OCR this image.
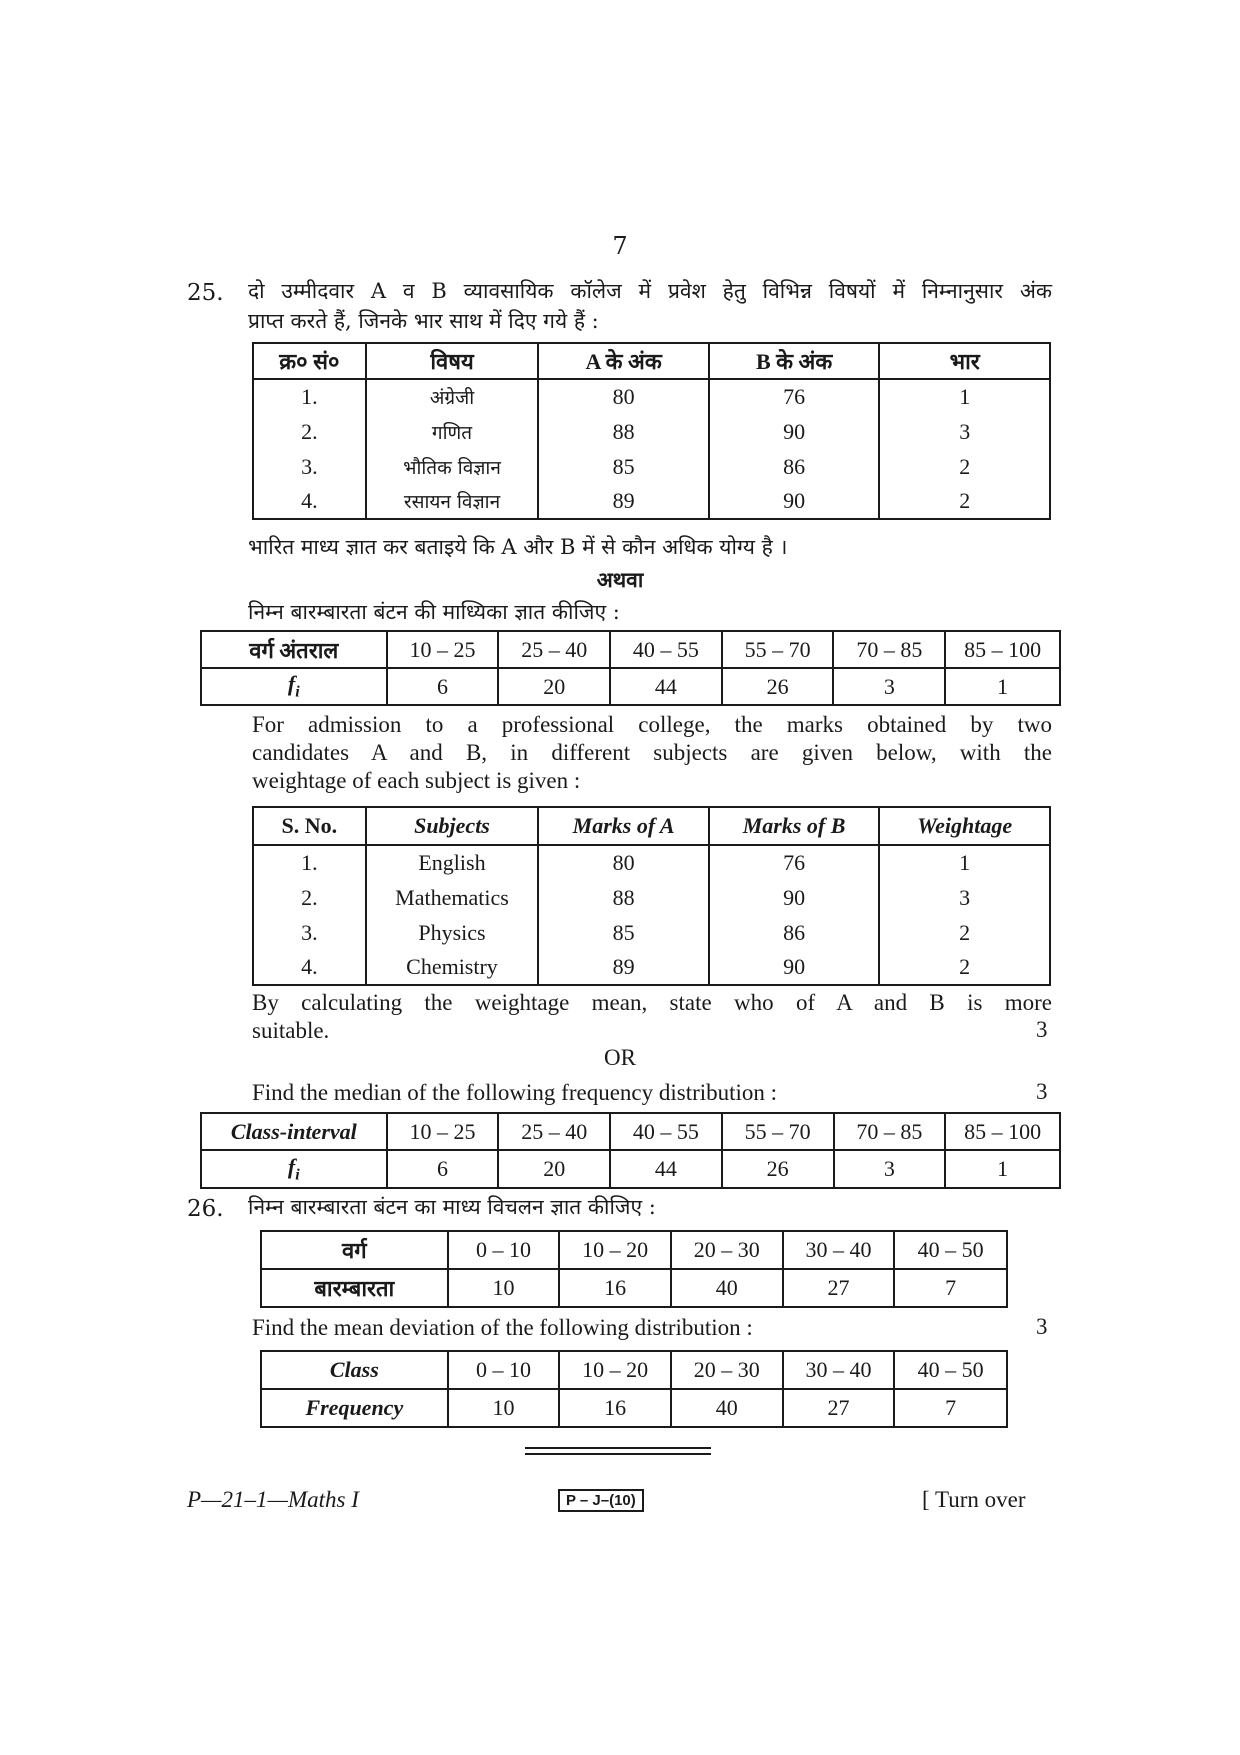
7
25. दो उम्मीदवार A व B व्यावसायिक कॉलेज में प्रवेश हेतु विभिन्न विषयों में निम्नानुसार अंक
प्राप्त करते हैं, जिनके भार साथ में दिए गये हैं :
क्र० सं०	विषय	A के अंक	B के अंक	भार
1.	अंग्रेजी	80	76	1
2.	गणित	88	90	3
3.	भौतिक विज्ञान	85	86	2
4.	रसायन विज्ञान	89	90	2
भारित माध्य ज्ञात कर बताइये कि A और B में से कौन अधिक योग्य है ।
अथवा
निम्न बारम्बारता बंटन की माध्यिका ज्ञात कीजिए :
वर्ग अंतराल	10 – 25	25 – 40	40 – 55	55 – 70	70 – 85	85 – 100
$f_i$	6	20	44	26	3	1
For admission to a professional college, the marks obtained by two
candidates A and B, in different subjects are given below, with the
weightage of each subject is given :
S. No.	Subjects	Marks of A	Marks of B	Weightage
1.	English	80	76	1
2.	Mathematics	88	90	3
3.	Physics	85	86	2
4.	Chemistry	89	90	2
By calculating the weightage mean, state who of A and B is more
suitable.	3
OR
Find the median of the following frequency distribution :	3
Class-interval	10 – 25	25 – 40	40 – 55	55 – 70	70 – 85	85 – 100
$f_i$	6	20	44	26	3	1
26. निम्न बारम्बारता बंटन का माध्य विचलन ज्ञात कीजिए :
वर्ग	0 – 10	10 – 20	20 – 30	30 – 40	40 – 50
बारम्बारता	10	16	40	27	7
Find the mean deviation of the following distribution :	3
Class	0 – 10	10 – 20	20 – 30	30 – 40	40 – 50
Frequency	10	16	40	27	7
P—21–1—Maths I	P – J–(10)	[ Turn over
